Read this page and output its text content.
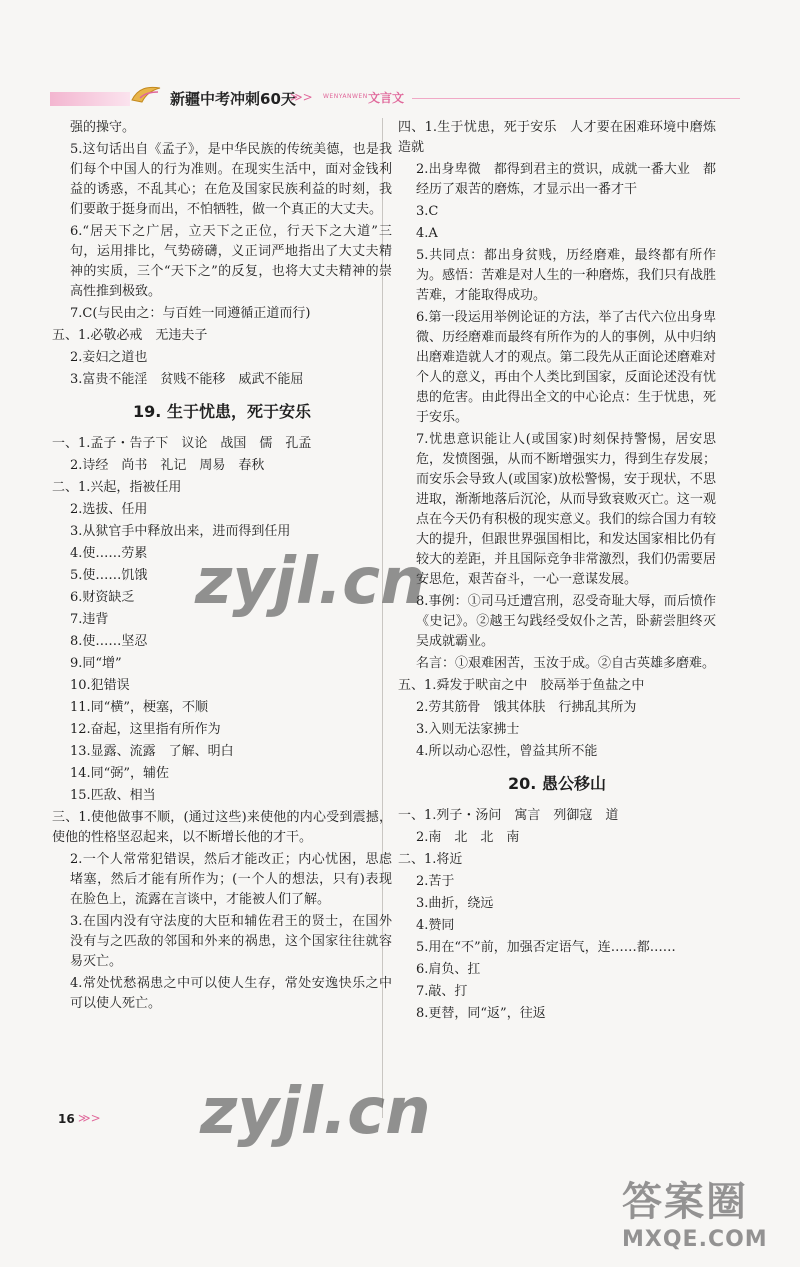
新疆中考冲刺60天
≫> WENYANWEN 文言文

强的操守。

5.这句话出自《孟子》，是中华民族的传统美德，也是我们每个中国人的行为准则。在现实生活中，面对金钱利益的诱惑，不乱其心；在危及国家民族利益的时刻，我们要敢于挺身而出，不怕牺牲，做一个真正的大丈夫。

6.“居天下之广居，立天下之正位，行天下之大道”三句，运用排比，气势磅礴，义正词严地指出了大丈夫精神的实质，三个“天下之”的反复，也将大丈夫精神的崇高性推到极致。

7.C(与民由之：与百姓一同遵循正道而行)

五、1.必敬必戒　无违夫子

2.妾妇之道也

3.富贵不能淫　贫贱不能移　威武不能屈

19. 生于忧患，死于安乐

一、1.孟子・告子下　议论　战国　儒　孔孟

2.诗经　尚书　礼记　周易　春秋

二、1.兴起，指被任用

2.选拔、任用

3.从狱官手中释放出来，进而得到任用

4.使……劳累

5.使……饥饿

6.财资缺乏

7.违背

8.使……坚忍

9.同“增”

10.犯错误

11.同“横”，梗塞，不顺

12.奋起，这里指有所作为

13.显露、流露　了解、明白

14.同“弼”，辅佐

15.匹敌、相当

三、1.使他做事不顺，(通过这些)来使他的内心受到震撼，使他的性格坚忍起来，以不断增长他的才干。

2.一个人常常犯错误，然后才能改正；内心忧困，思虑堵塞，然后才能有所作为；(一个人的想法，只有)表现在脸色上，流露在言谈中，才能被人们了解。

3.在国内没有守法度的大臣和辅佐君王的贤士，在国外没有与之匹敌的邻国和外来的祸患，这个国家往往就容易灭亡。

4.常处忧愁祸患之中可以使人生存，常处安逸快乐之中可以使人死亡。

四、1.生于忧患，死于安乐　人才要在困难环境中磨炼造就

2.出身卑微　都得到君主的赏识，成就一番大业　都经历了艰苦的磨炼，才显示出一番才干

3.C

4.A

5.共同点：都出身贫贱，历经磨难，最终都有所作为。感悟：苦难是对人生的一种磨炼，我们只有战胜苦难，才能取得成功。

6.第一段运用举例论证的方法，举了古代六位出身卑微、历经磨难而最终有所作为的人的事例，从中归纳出磨难造就人才的观点。第二段先从正面论述磨难对个人的意义，再由个人类比到国家，反面论述没有忧患的危害。由此得出全文的中心论点：生于忧患，死于安乐。

7.忧患意识能让人(或国家)时刻保持警惕，居安思危，发愤图强，从而不断增强实力，得到生存发展；而安乐会导致人(或国家)放松警惕，安于现状，不思进取，渐渐地落后沉沦，从而导致衰败灭亡。这一观点在今天仍有积极的现实意义。我们的综合国力有较大的提升，但跟世界强国相比，和发达国家相比仍有较大的差距，并且国际竞争非常激烈，我们仍需要居安思危，艰苦奋斗，一心一意谋发展。

8.事例：①司马迁遭宫刑，忍受奇耻大辱，而后愤作《史记》。②越王勾践经受奴仆之苦，卧薪尝胆终灭吴成就霸业。

名言：①艰难困苦，玉汝于成。②自古英雄多磨难。

五、1.舜发于畎亩之中　胶鬲举于鱼盐之中

2.劳其筋骨　饿其体肤　行拂乱其所为

3.入则无法家拂士

4.所以动心忍性，曾益其所不能

20. 愚公移山

一、1.列子・汤问　寓言　列御寇　道

2.南　北　北　南

二、1.将近

2.苦于

3.曲折，绕远

4.赞同

5.用在“不”前，加强否定语气，连……都……

6.肩负、扛

7.敲、打

8.更替，同“返”，往返

16 ≫>
zyjl.cn
zyjl.cn
答案圈
MXQE.COM
